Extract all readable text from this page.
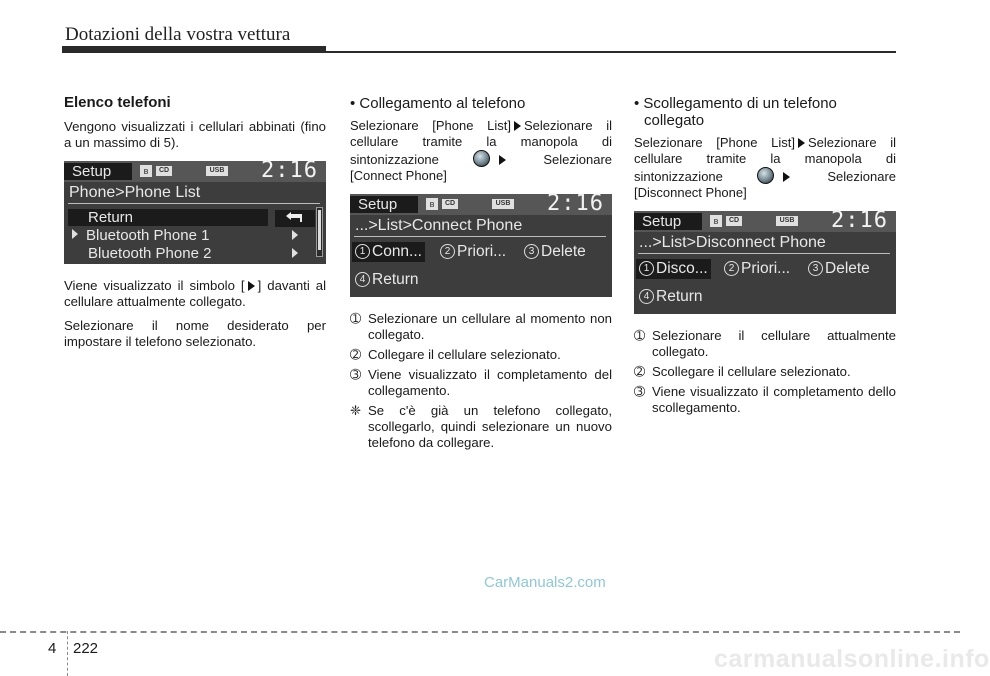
Dotazioni della vostra vettura
Elenco telefoni
Vengono visualizzati i cellulari abbinati (fino a un massimo di 5).
Setup	ʙ	CD	USB 2:16
Phone>Phone List
Return
Bluetooth Phone 1
Bluetooth Phone 2
Viene visualizzato il simbolo [ ] davanti al cellulare attualmente collegato.
Selezionare il nome desiderato per impostare il telefono selezionato.
• Collegamento al telefono
Selezionare [Phone List] Selezionare il cellulare tramite la manopola di sintonizzazione	Selezionare [Connect Phone]
Setup	ʙ	CD	USB 2:16
...>List>Connect Phone
1 Conn...	2 Priori...	3 Delete
4 Return
➀ Selezionare un cellulare al momento non collegato.
➁ Collegare il cellulare selezionato.
➂ Viene visualizzato il completamento del collegamento.
❈ Se c'è già un telefono collegato, scollegarlo, quindi selezionare un nuovo telefono da collegare.
• Scollegamento di un telefono collegato
Selezionare [Phone List] Selezionare il cellulare tramite la manopola di sintonizzazione	Selezionare [Disconnect Phone]
Setup	ʙ	CD	USB 2:16
...>List>Disconnect Phone
1 Disco...	2 Priori...	3 Delete
4 Return
➀ Selezionare il cellulare attualmente collegato.
➁ Scollegare il cellulare selezionato.
➂ Viene visualizzato il completamento dello scollegamento.
CarManuals2.com
carmanualsonline.info
4 222
